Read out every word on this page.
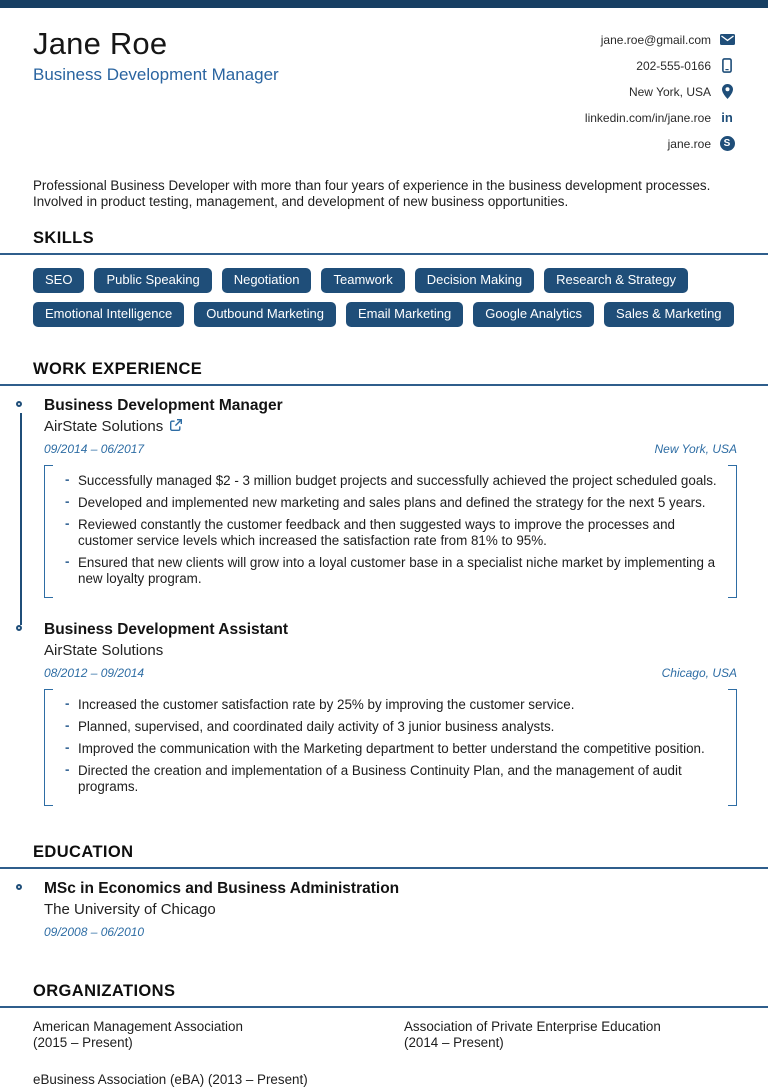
Jane Roe
Business Development Manager
jane.roe@gmail.com
202-555-0166
New York, USA
linkedin.com/in/jane.roe in
jane.roe	S
Professional Business Developer with more than four years of experience in the business development processes. Involved in product testing, management, and development of new business opportunities.
SKILLS
SEO	Public Speaking	Negotiation	Teamwork	Decision Making	Research & Strategy
Emotional Intelligence	Outbound Marketing	Email Marketing	Google Analytics	Sales & Marketing
WORK EXPERIENCE
Business Development Manager
AirState Solutions
09/2014 – 06/2017	New York, USA
- Successfully managed $2 - 3 million budget projects and successfully achieved the project scheduled goals.
- Developed and implemented new marketing and sales plans and defined the strategy for the next 5 years.
- Reviewed constantly the customer feedback and then suggested ways to improve the processes and customer service levels which increased the satisfaction rate from 81% to 95%.
- Ensured that new clients will grow into a loyal customer base in a specialist niche market by implementing a new loyalty program.
Business Development Assistant
AirState Solutions
08/2012 – 09/2014	Chicago, USA
- Increased the customer satisfaction rate by 25% by improving the customer service.
- Planned, supervised, and coordinated daily activity of 3 junior business analysts.
- Improved the communication with the Marketing department to better understand the competitive position.
- Directed the creation and implementation of a Business Continuity Plan, and the management of audit programs.
EDUCATION
MSc in Economics and Business Administration
The University of Chicago
09/2008 – 06/2010
ORGANIZATIONS
American Management Association
(2015 – Present)
Association of Private Enterprise Education
(2014 – Present)
eBusiness Association (eBA) (2013 – Present)
